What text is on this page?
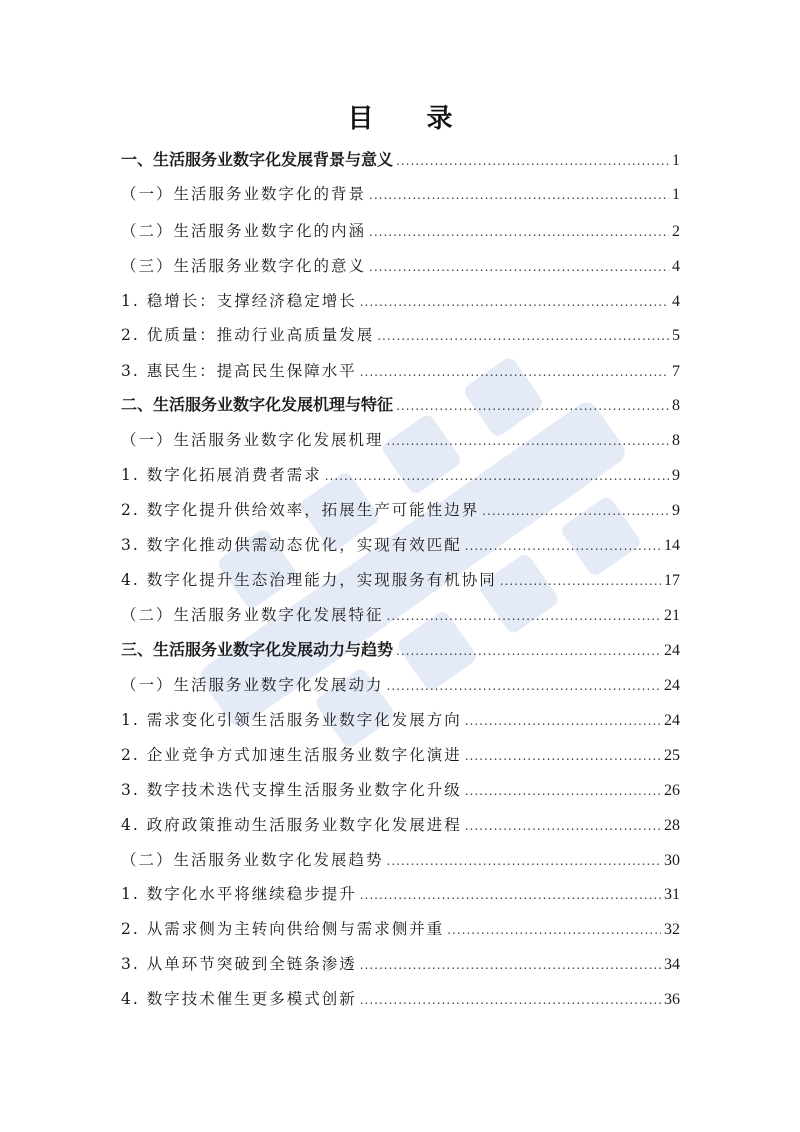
目 录
一、生活服务业数字化发展背景与意义 .....	1
（一）生活服务业数字化的背景 .....	1
（二）生活服务业数字化的内涵 .....	2
（三）生活服务业数字化的意义 .....	4
1. 稳增长：支撑经济稳定增长 .....	4
2. 优质量：推动行业高质量发展 .....	5
3. 惠民生：提高民生保障水平 .....	7
二、生活服务业数字化发展机理与特征 .....	8
（一）生活服务业数字化发展机理 .....	8
1. 数字化拓展消费者需求 .....	9
2. 数字化提升供给效率，拓展生产可能性边界 .....	9
3. 数字化推动供需动态优化，实现有效匹配 .....	14
4. 数字化提升生态治理能力，实现服务有机协同 .....	17
（二）生活服务业数字化发展特征 .....	21
三、生活服务业数字化发展动力与趋势 .....	24
（一）生活服务业数字化发展动力 .....	24
1. 需求变化引领生活服务业数字化发展方向 .....	24
2. 企业竞争方式加速生活服务业数字化演进 .....	25
3. 数字技术迭代支撑生活服务业数字化升级 .....	26
4. 政府政策推动生活服务业数字化发展进程 .....	28
（二）生活服务业数字化发展趋势 .....	30
1. 数字化水平将继续稳步提升 .....	31
2. 从需求侧为主转向供给侧与需求侧并重 .....	32
3. 从单环节突破到全链条渗透 .....	34
4. 数字技术催生更多模式创新 .....	36
